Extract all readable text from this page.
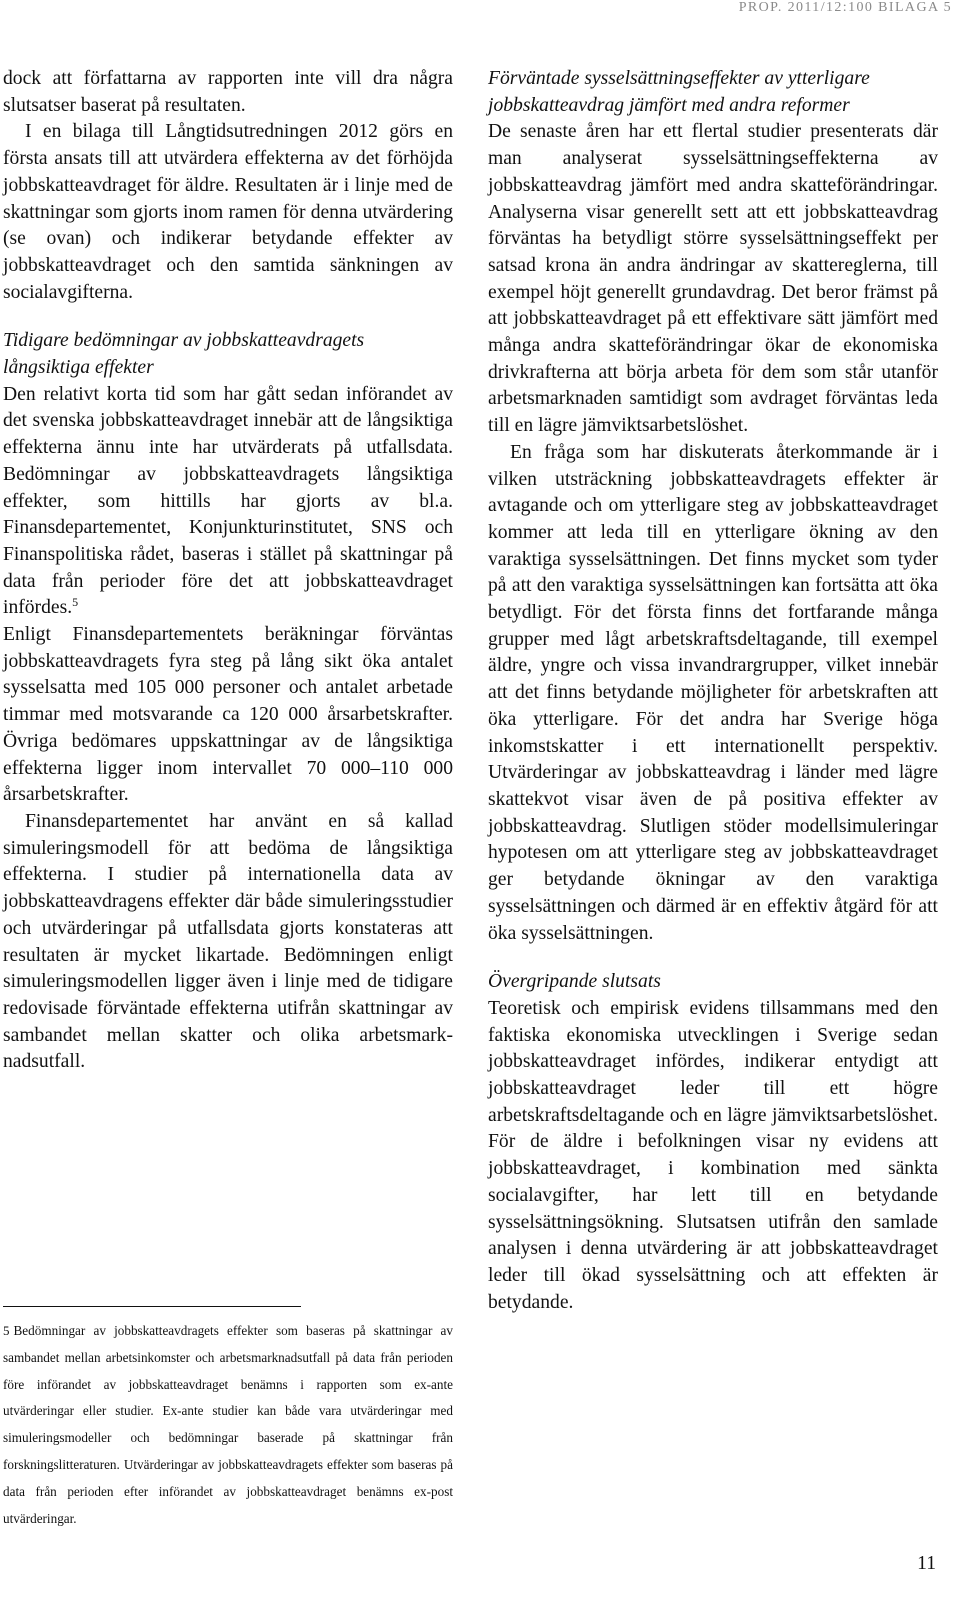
PROP. 2011/12:100 BILAGA 5

dock att författarna av rapporten inte vill dra några slutsatser baserat på resultaten.

I en bilaga till Långtidsutredningen 2012 görs en första ansats till att utvärdera effekterna av det förhöjda jobbskatteavdraget för äldre. Resultaten är i linje med de skattningar som gjorts inom ramen för denna utvärdering (se ovan) och indikerar betydande effekter av jobbskatteavdraget och den samtida sänkningen av socialavgifterna.

Tidigare bedömningar av jobbskatteavdragets långsiktiga effekter

Den relativt korta tid som har gått sedan införandet av det svenska jobbskatteavdraget innebär att de långsiktiga effekterna ännu inte har utvärderats på utfallsdata. Bedömningar av jobbskatteavdragets långsiktiga effekter, som hittills har gjorts av bl.a. Finansdepartementet, Konjunkturinstitutet, SNS och Finanspolitiska rådet, baseras i stället på skattningar på data från perioder före det att jobbskatteavdraget infördes.$^5$

Enligt Finansdepartementets beräkningar förväntas jobbskatteavdragets fyra steg på lång sikt öka antalet sysselsatta med 105 000 personer och antalet arbetade timmar med motsvarande ca 120 000 årsarbetskrafter. Övriga bedömares uppskattningar av de långsiktiga effekterna ligger inom intervallet 70 000–110 000 årsarbetskrafter.

Finansdepartementet har använt en så kallad simuleringsmodell för att bedöma de långsiktiga effekterna. I studier på internationella data av jobbskatteavdragens effekter där både simuleringsstudier och utvärderingar på utfallsdata gjorts konstateras att resultaten är mycket likartade. Bedömningen enligt simuleringsmodellen ligger även i linje med de tidigare redovisade förväntade effekterna utifrån skattningar av sambandet mellan skatter och olika arbetsmarknadsutfall.

5 Bedömningar av jobbskatteavdragets effekter som baseras på skattningar av sambandet mellan arbetsinkomster och arbetsmarknadsutfall på data från perioden före införandet av jobbskatteavdraget benämns i rapporten som ex-ante utvärderingar eller studier. Ex-ante studier kan både vara utvärderingar med simuleringsmodeller och bedömningar baserade på skattningar från forskningslitteraturen. Utvärderingar av jobbskatteavdragets effekter som baseras på data från perioden efter införandet av jobbskatteavdraget benämns ex-post utvärderingar.
Förväntade sysselsättningseffekter av ytterligare jobbskatteavdrag jämfört med andra reformer

De senaste åren har ett flertal studier presenterats där man analyserat sysselsättningseffekterna av jobbskatteavdrag jämfört med andra skatteförändringar. Analyserna visar generellt sett att ett jobbskatteavdrag förväntas ha betydligt större sysselsättningseffekt per satsad krona än andra ändringar av skattereglerna, till exempel höjt generellt grundavdrag. Det beror främst på att jobbskatteavdraget på ett effektivare sätt jämfört med många andra skatteförändringar ökar de ekonomiska drivkrafterna att börja arbeta för dem som står utanför arbetsmarknaden samtidigt som avdraget förväntas leda till en lägre jämviktsarbetslöshet.

En fråga som har diskuterats återkommande är i vilken utsträckning jobbskatteavdragets effekter är avtagande och om ytterligare steg av jobbskatteavdraget kommer att leda till en ytterligare ökning av den varaktiga sysselsättningen. Det finns mycket som tyder på att den varaktiga sysselsättningen kan fortsätta att öka betydligt. För det första finns det fortfarande många grupper med lågt arbetskraftsdeltagande, till exempel äldre, yngre och vissa invandrargrupper, vilket innebär att det finns betydande möjligheter för arbetskraften att öka ytterligare. För det andra har Sverige höga inkomstskatter i ett internationellt perspektiv. Utvärderingar av jobbskatteavdrag i länder med lägre skattekvot visar även de på positiva effekter av jobbskatteavdrag. Slutligen stöder modellsimuleringar hypotesen om att ytterligare steg av jobbskatteavdraget ger betydande ökningar av den varaktiga sysselsättningen och därmed är en effektiv åtgärd för att öka sysselsättningen.

Övergripande slutsats

Teoretisk och empirisk evidens tillsammans med den faktiska ekonomiska utvecklingen i Sverige sedan jobbskatteavdraget infördes, indikerar entydigt att jobbskatteavdraget leder till ett högre arbetskraftsdeltagande och en lägre jämviktsarbetslöshet. För de äldre i befolkningen visar ny evidens att jobbskatteavdraget, i kombination med sänkta socialavgifter, har lett till en betydande sysselsättningsökning. Slutsatsen utifrån den samlade analysen i denna utvärdering är att jobbskatteavdraget leder till ökad sysselsättning och att effekten är betydande.

11
